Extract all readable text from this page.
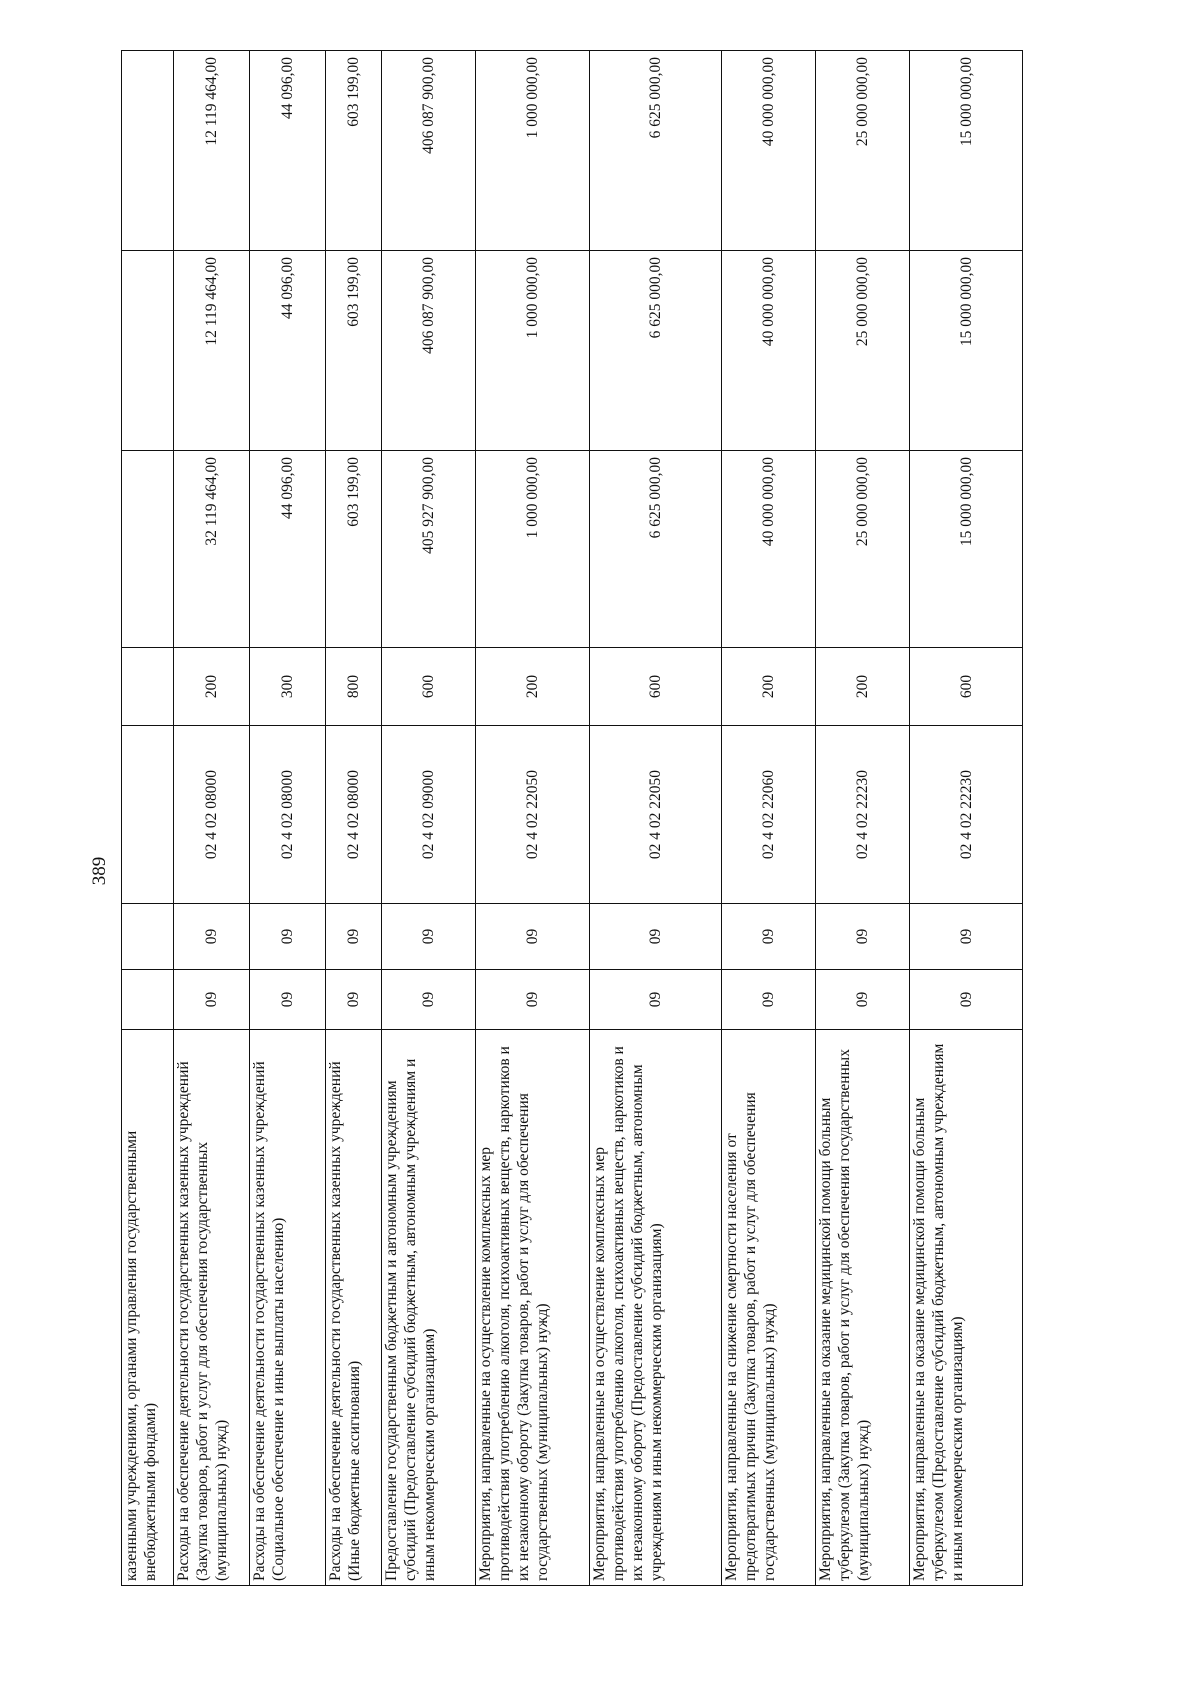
389
казенными учреждениями, органами управления государственными внебюджетными фондами)							
Расходы на обеспечение деятельности государственных казенных учреждений (Закупка товаров, работ и услуг для обеспечения государственных (муниципальных) нужд)	09	09	02 4 02 08000	200	32 119 464,00	12 119 464,00	12 119 464,00
Расходы на обеспечение деятельности государственных казенных учреждений (Социальное обеспечение и иные выплаты населению)	09	09	02 4 02 08000	300	44 096,00	44 096,00	44 096,00
Расходы на обеспечение деятельности государственных казенных учреждений (Иные бюджетные ассигнования)	09	09	02 4 02 08000	800	603 199,00	603 199,00	603 199,00
Предоставление государственным бюджетным и автономным учреждениям субсидий (Предоставление субсидий бюджетным, автономным учреждениям и иным некоммерческим организациям)	09	09	02 4 02 09000	600	405 927 900,00	406 087 900,00	406 087 900,00
Мероприятия, направленные на осуществление комплексных мер противодействия употреблению алкоголя, психоактивных веществ, наркотиков и их незаконному обороту (Закупка товаров, работ и услуг для обеспечения государственных (муниципальных) нужд)	09	09	02 4 02 22050	200	1 000 000,00	1 000 000,00	1 000 000,00
Мероприятия, направленные на осуществление комплексных мер противодействия употреблению алкоголя, психоактивных веществ, наркотиков и их незаконному обороту (Предоставление субсидий бюджетным, автономным учреждениям и иным некоммерческим организациям)	09	09	02 4 02 22050	600	6 625 000,00	6 625 000,00	6 625 000,00
Мероприятия, направленные на снижение смертности населения от предотвратимых причин (Закупка товаров, работ и услуг для обеспечения государственных (муниципальных) нужд)	09	09	02 4 02 22060	200	40 000 000,00	40 000 000,00	40 000 000,00
Мероприятия, направленные на оказание медицинской помощи больным туберкулезом (Закупка товаров, работ и услуг для обеспечения государственных (муниципальных) нужд)	09	09	02 4 02 22230	200	25 000 000,00	25 000 000,00	25 000 000,00
Мероприятия, направленные на оказание медицинской помощи больным туберкулезом (Предоставление субсидий бюджетным, автономным учреждениям и иным некоммерческим организациям)	09	09	02 4 02 22230	600	15 000 000,00	15 000 000,00	15 000 000,00
